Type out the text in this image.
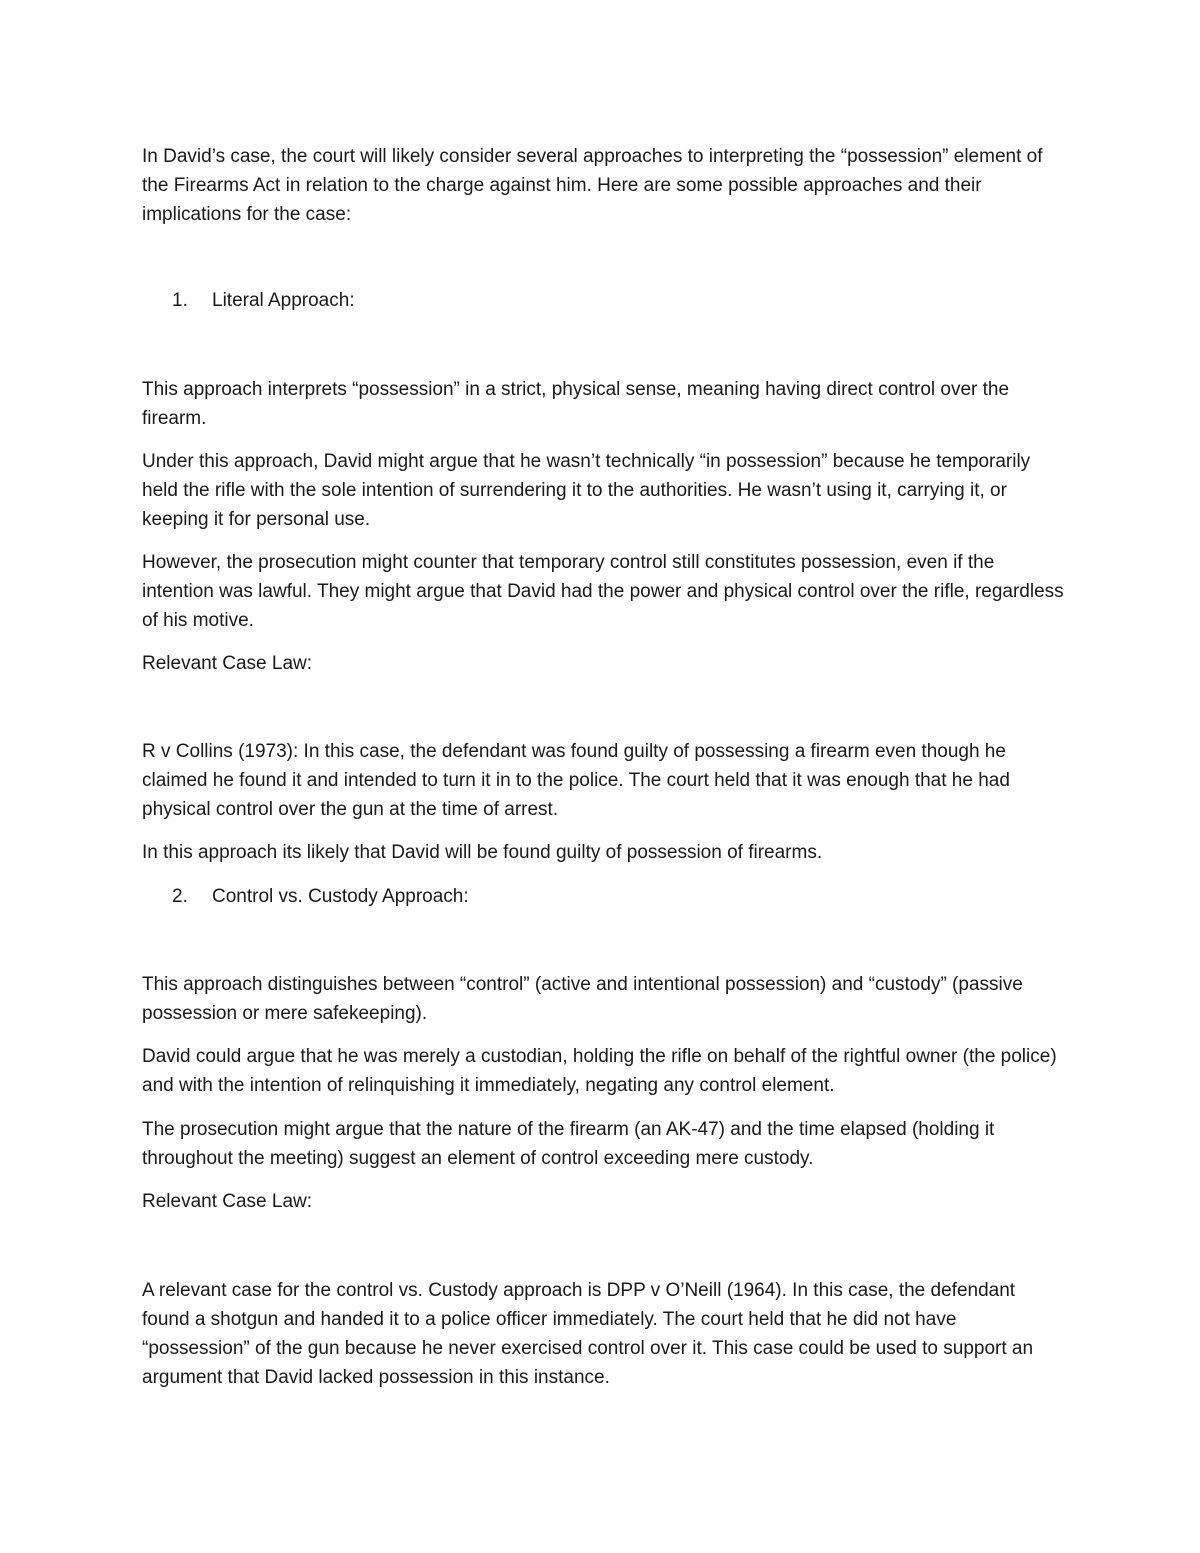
In David’s case, the court will likely consider several approaches to interpreting the “possession” element of the Firearms Act in relation to the charge against him. Here are some possible approaches and their implications for the case:

1. Literal Approach:

This approach interprets “possession” in a strict, physical sense, meaning having direct control over the firearm.

Under this approach, David might argue that he wasn’t technically “in possession” because he temporarily held the rifle with the sole intention of surrendering it to the authorities. He wasn’t using it, carrying it, or keeping it for personal use.

However, the prosecution might counter that temporary control still constitutes possession, even if the intention was lawful. They might argue that David had the power and physical control over the rifle, regardless of his motive.

Relevant Case Law:

R v Collins (1973): In this case, the defendant was found guilty of possessing a firearm even though he claimed he found it and intended to turn it in to the police. The court held that it was enough that he had physical control over the gun at the time of arrest.

In this approach its likely that David will be found guilty of possession of firearms.

2. Control vs. Custody Approach:

This approach distinguishes between “control” (active and intentional possession) and “custody” (passive possession or mere safekeeping).

David could argue that he was merely a custodian, holding the rifle on behalf of the rightful owner (the police) and with the intention of relinquishing it immediately, negating any control element.

The prosecution might argue that the nature of the firearm (an AK-47) and the time elapsed (holding it throughout the meeting) suggest an element of control exceeding mere custody.

Relevant Case Law:

A relevant case for the control vs. Custody approach is DPP v O’Neill (1964). In this case, the defendant found a shotgun and handed it to a police officer immediately. The court held that he did not have “possession” of the gun because he never exercised control over it. This case could be used to support an argument that David lacked possession in this instance.
